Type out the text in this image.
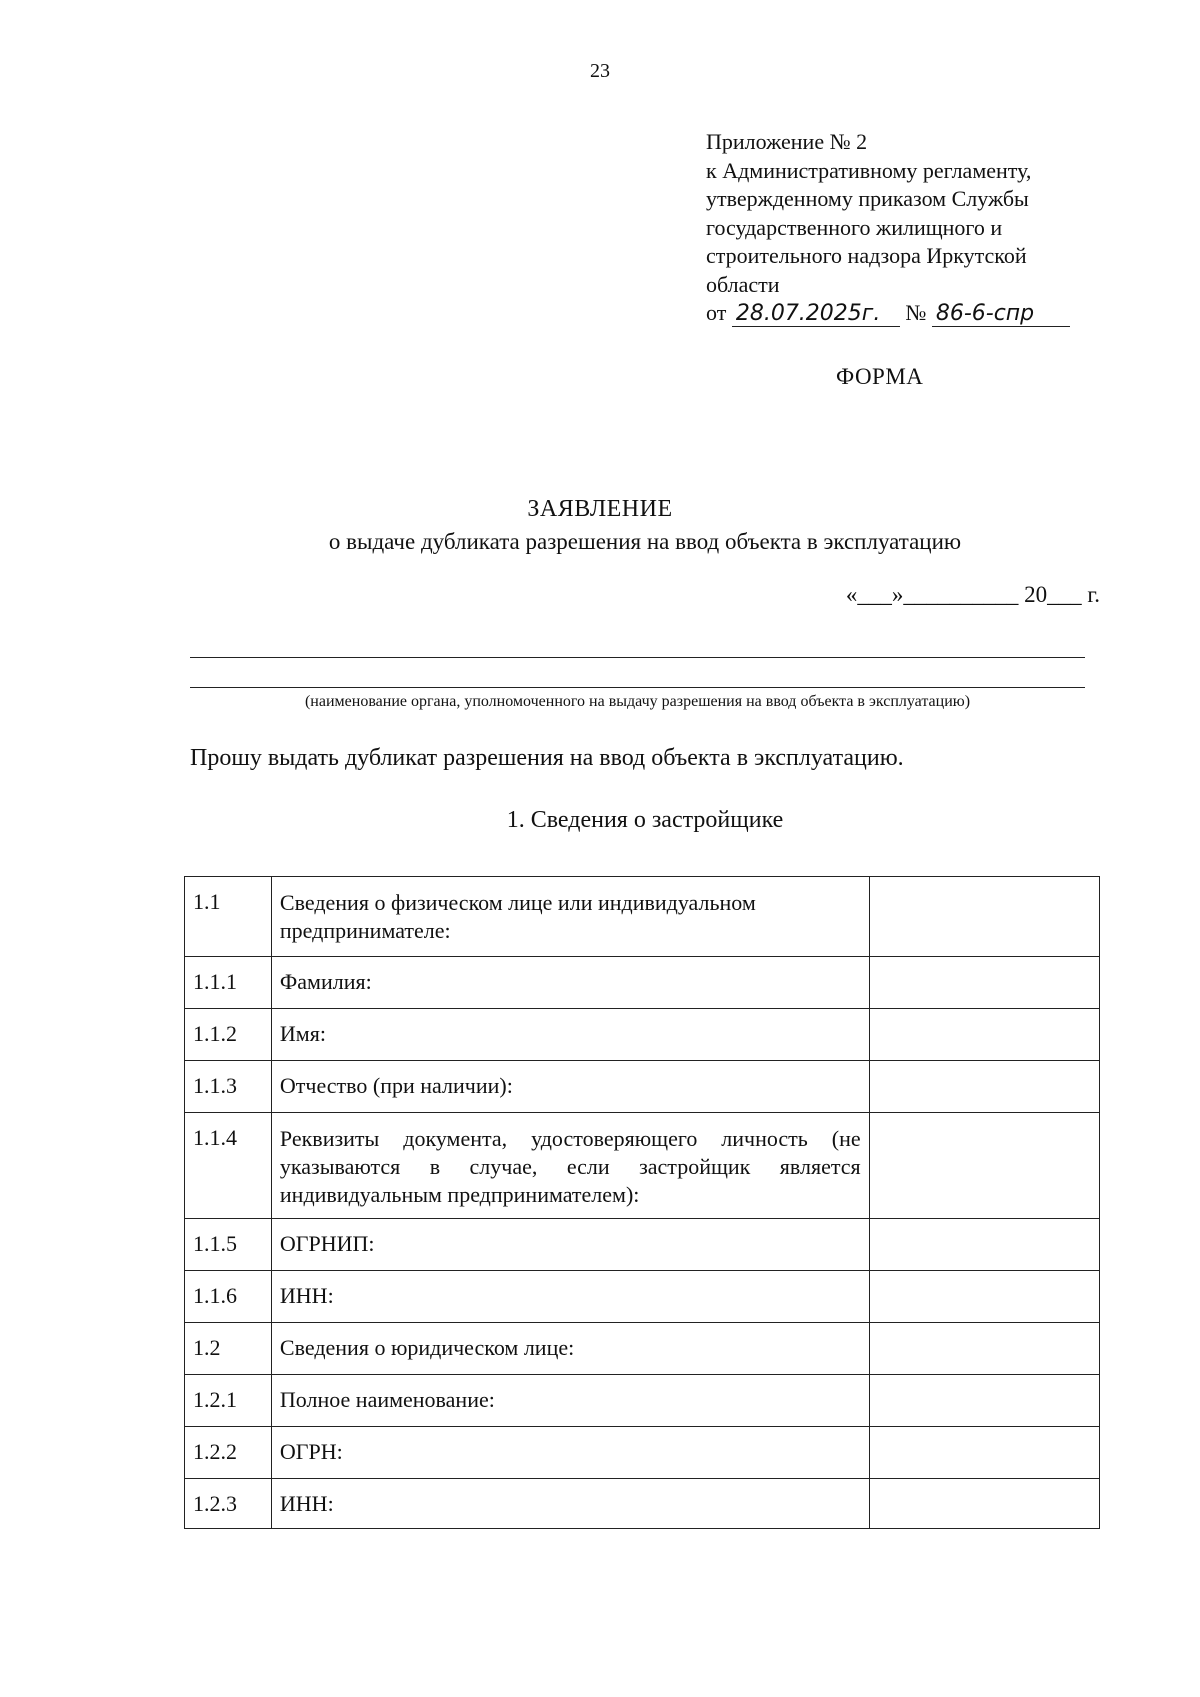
23
Приложение № 2
к Административному регламенту,
утвержденному приказом Службы
государственного жилищного и
строительного надзора Иркутской
области
от 28.07.2025г. № 86-6-спр
ФОРМА
ЗАЯВЛЕНИЕ
о выдаче дубликата разрешения на ввод объекта в эксплуатацию
«___»__________ 20___ г.
(наименование органа, уполномоченного на выдачу разрешения на ввод объекта в эксплуатацию)
Прошу выдать дубликат разрешения на ввод объекта в эксплуатацию.
1. Сведения о застройщике
1.1	Сведения о физическом лице или индивидуальном предпринимателе:	
1.1.1	Фамилия:	
1.1.2	Имя:	
1.1.3	Отчество (при наличии):	
1.1.4	Реквизиты документа, удостоверяющего личность (не указываются в случае, если застройщик является индивидуальным предпринимателем):	
1.1.5	ОГРНИП:	
1.1.6	ИНН:	
1.2	Сведения о юридическом лице:	
1.2.1	Полное наименование:	
1.2.2	ОГРН:	
1.2.3	ИНН:	
